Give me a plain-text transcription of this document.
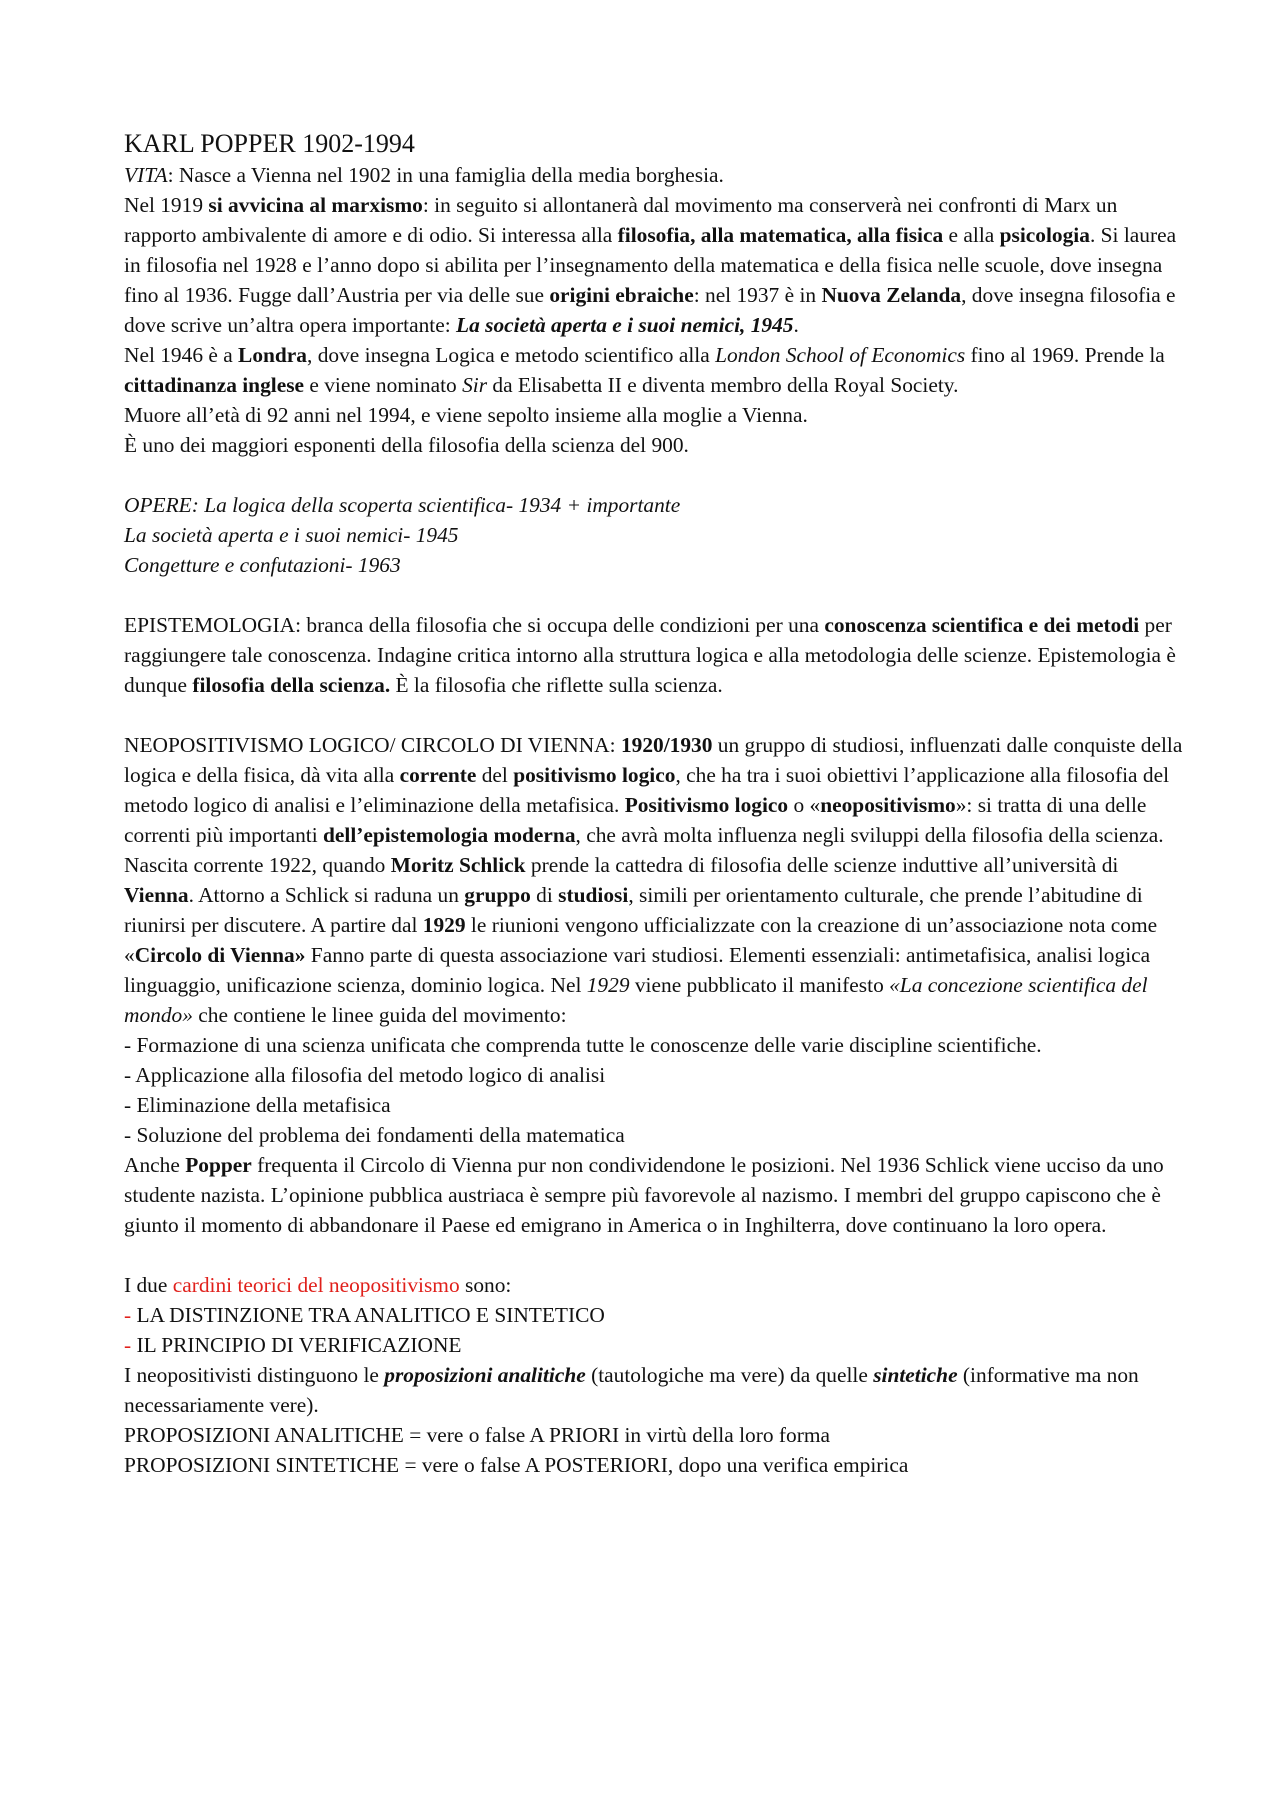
KARL POPPER 1902-1994

VITA: Nasce a Vienna nel 1902 in una famiglia della media borghesia.

Nel 1919 si avvicina al marxismo: in seguito si allontanerà dal movimento ma conserverà nei confronti di Marx un rapporto ambivalente di amore e di odio. Si interessa alla filosofia, alla matematica, alla fisica e alla psicologia. Si laurea in filosofia nel 1928 e l’anno dopo si abilita per l’insegnamento della matematica e della fisica nelle scuole, dove insegna fino al 1936. Fugge dall’Austria per via delle sue origini ebraiche: nel 1937 è in Nuova Zelanda, dove insegna filosofia e dove scrive un’altra opera importante: La società aperta e i suoi nemici, 1945.

Nel 1946 è a Londra, dove insegna Logica e metodo scientifico alla London School of Economics fino al 1969. Prende la cittadinanza inglese e viene nominato Sir da Elisabetta II e diventa membro della Royal Society.

Muore all’età di 92 anni nel 1994, e viene sepolto insieme alla moglie a Vienna.

È uno dei maggiori esponenti della filosofia della scienza del 900.

OPERE: La logica della scoperta scientifica- 1934 + importante

La società aperta e i suoi nemici- 1945

Congetture e confutazioni- 1963

EPISTEMOLOGIA: branca della filosofia che si occupa delle condizioni per una conoscenza scientifica e dei metodi per raggiungere tale conoscenza. Indagine critica intorno alla struttura logica e alla metodologia delle scienze. Epistemologia è dunque filosofia della scienza. È la filosofia che riflette sulla scienza.

NEOPOSITIVISMO LOGICO/ CIRCOLO DI VIENNA: 1920/1930 un gruppo di studiosi, influenzati dalle conquiste della logica e della fisica, dà vita alla corrente del positivismo logico, che ha tra i suoi obiettivi l’applicazione alla filosofia del metodo logico di analisi e l’eliminazione della metafisica. Positivismo logico o «neopositivismo»: si tratta di una delle correnti più importanti dell’epistemologia moderna, che avrà molta influenza negli sviluppi della filosofia della scienza. Nascita corrente 1922, quando Moritz Schlick prende la cattedra di filosofia delle scienze induttive all’università di Vienna. Attorno a Schlick si raduna un gruppo di studiosi, simili per orientamento culturale, che prende l’abitudine di riunirsi per discutere. A partire dal 1929 le riunioni vengono ufficializzate con la creazione di un’associazione nota come «Circolo di Vienna» Fanno parte di questa associazione vari studiosi. Elementi essenziali: antimetafisica, analisi logica linguaggio, unificazione scienza, dominio logica. Nel 1929 viene pubblicato il manifesto «La concezione scientifica del mondo» che contiene le linee guida del movimento:

- Formazione di una scienza unificata che comprenda tutte le conoscenze delle varie discipline scientifiche.

- Applicazione alla filosofia del metodo logico di analisi

- Eliminazione della metafisica

- Soluzione del problema dei fondamenti della matematica

Anche Popper frequenta il Circolo di Vienna pur non condividendone le posizioni. Nel 1936 Schlick viene ucciso da uno studente nazista. L’opinione pubblica austriaca è sempre più favorevole al nazismo. I membri del gruppo capiscono che è giunto il momento di abbandonare il Paese ed emigrano in America o in Inghilterra, dove continuano la loro opera.

I due cardini teorici del neopositivismo sono:

- LA DISTINZIONE TRA ANALITICO E SINTETICO

- IL PRINCIPIO DI VERIFICAZIONE

I neopositivisti distinguono le proposizioni analitiche (tautologiche ma vere) da quelle sintetiche (informative ma non necessariamente vere).

PROPOSIZIONI ANALITICHE = vere o false A PRIORI in virtù della loro forma

PROPOSIZIONI SINTETICHE = vere o false A POSTERIORI, dopo una verifica empirica
